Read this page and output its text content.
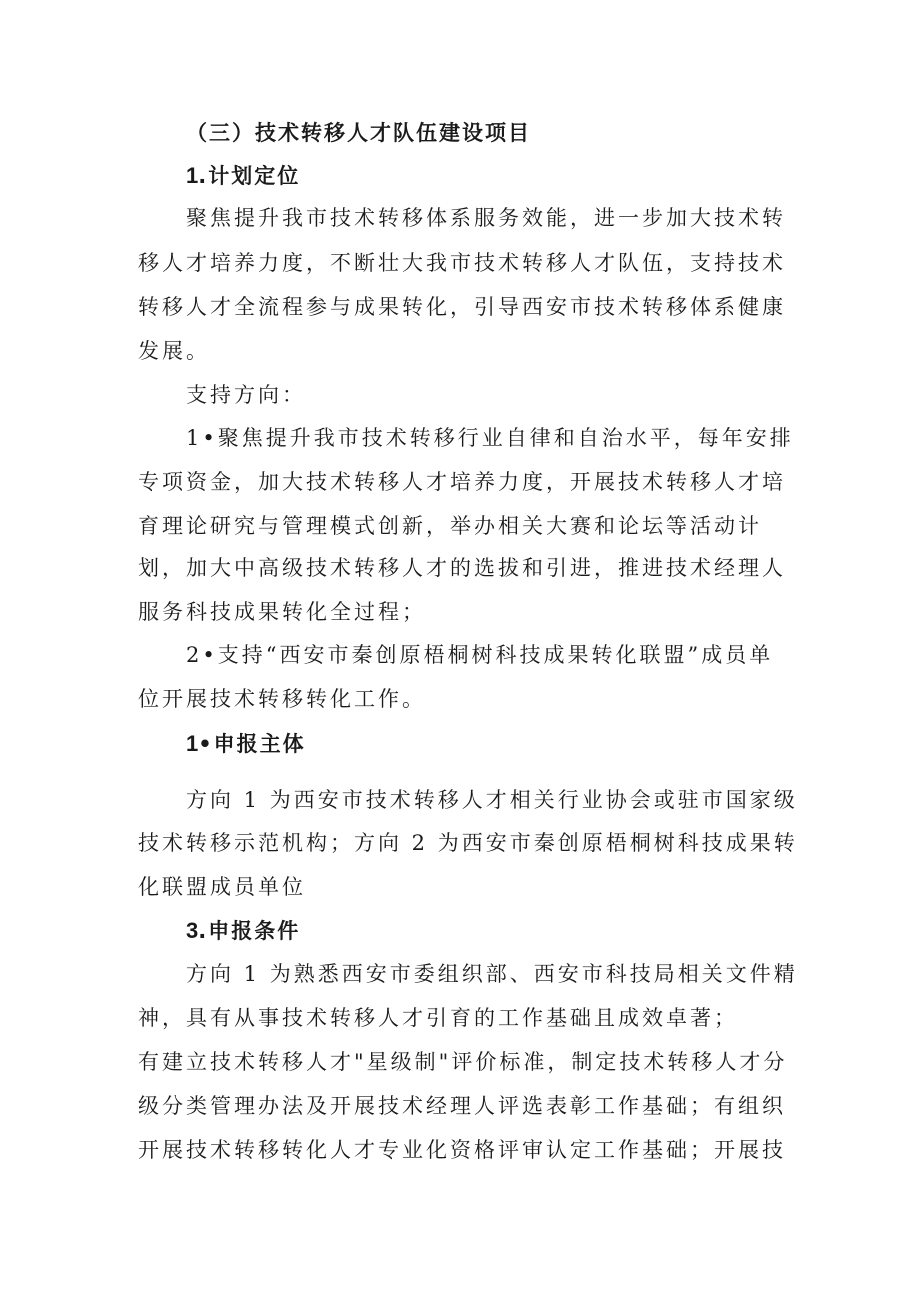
（三）技术转移人才队伍建设项目
1.计划定位
聚焦提升我市技术转移体系服务效能，进一步加大技术转
移人才培养力度，不断壮大我市技术转移人才队伍，支持技术
转移人才全流程参与成果转化，引导西安市技术转移体系健康
发展。
支持方向：
1•聚焦提升我市技术转移行业自律和自治水平，每年安排
专项资金，加大技术转移人才培养力度，开展技术转移人才培
育理论研究与管理模式创新，举办相关大赛和论坛等活动计
划，加大中高级技术转移人才的选拔和引进，推进技术经理人
服务科技成果转化全过程；
2•支持“西安市秦创原梧桐树科技成果转化联盟”成员单
位开展技术转移转化工作。
1•申报主体
方向 1 为西安市技术转移人才相关行业协会或驻市国家级
技术转移示范机构；方向 2 为西安市秦创原梧桐树科技成果转
化联盟成员单位
3.申报条件
方向 1 为熟悉西安市委组织部、西安市科技局相关文件精
神，具有从事技术转移人才引育的工作基础且成效卓著；
有建立技术转移人才"星级制"评价标准，制定技术转移人才分
级分类管理办法及开展技术经理人评选表彰工作基础；有组织
开展技术转移转化人才专业化资格评审认定工作基础；开展技
